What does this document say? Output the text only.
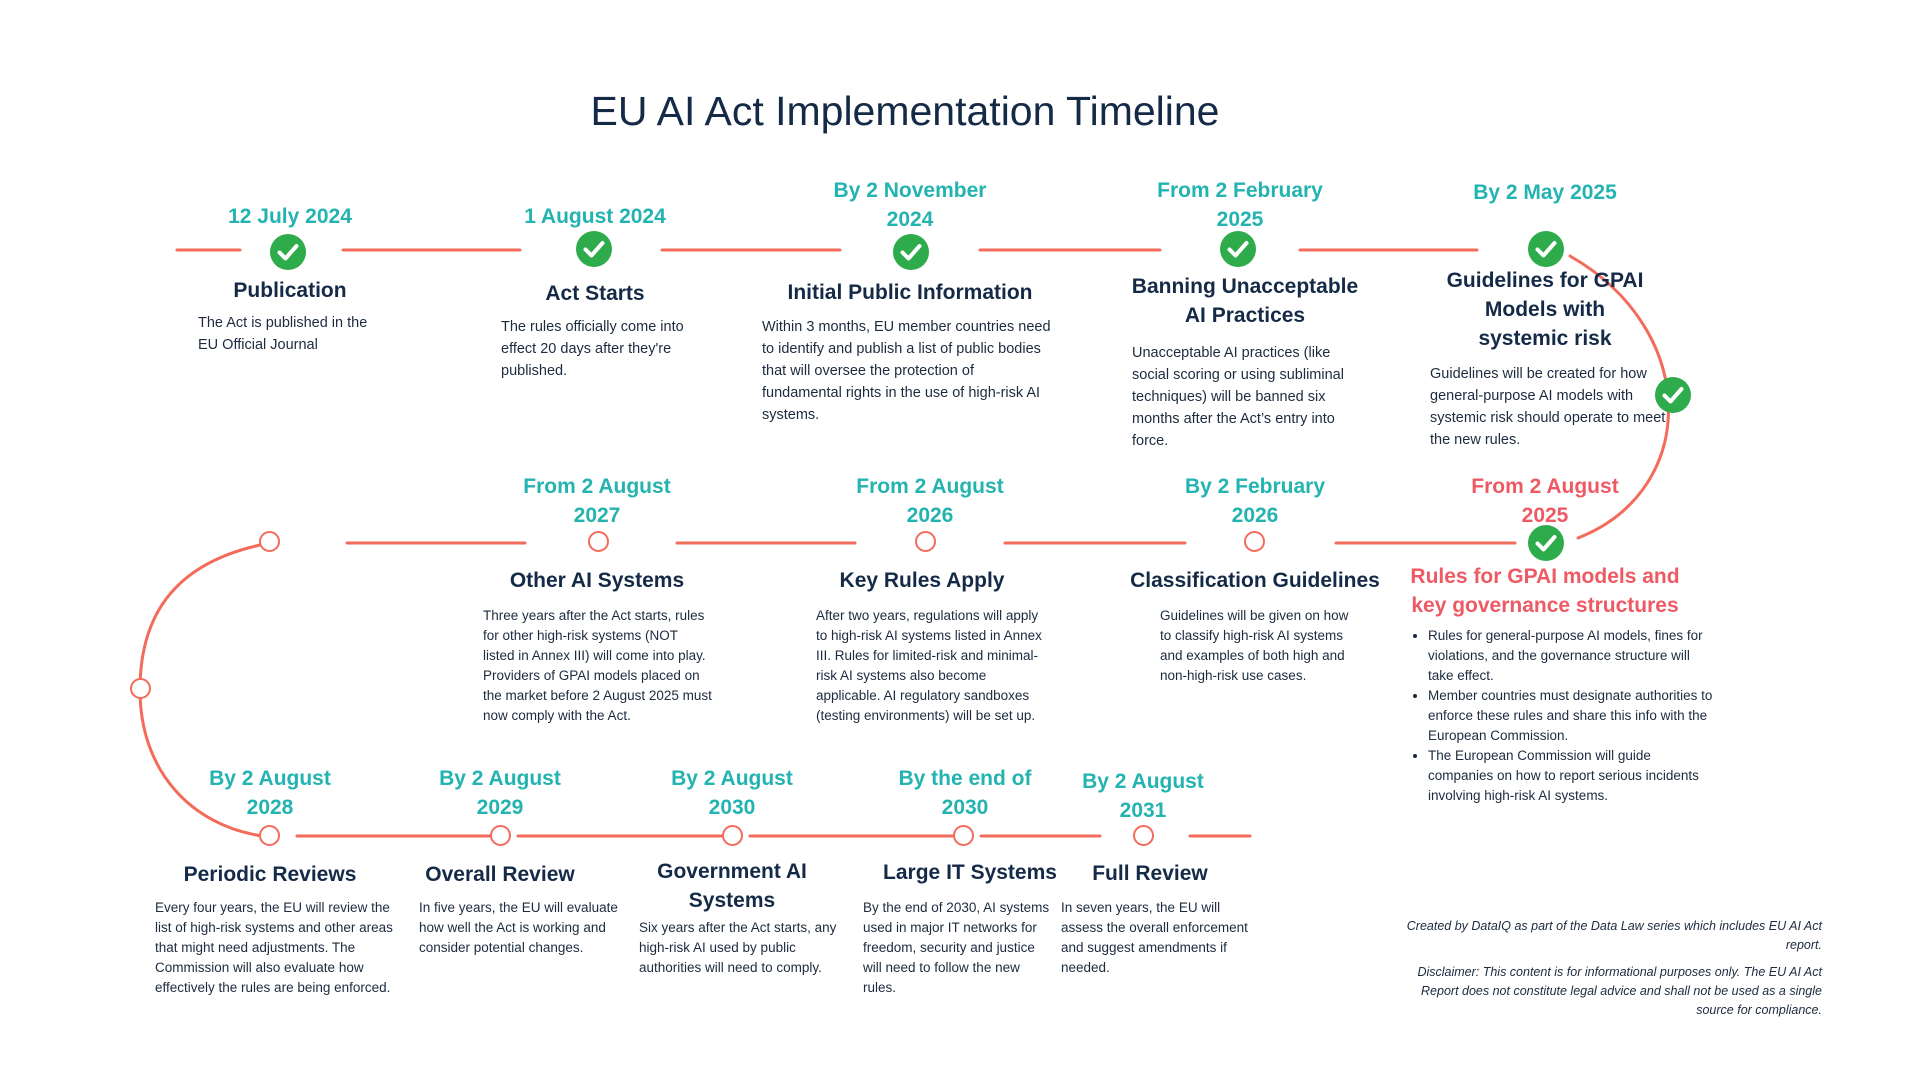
EU AI Act Implementation Timeline
12 July 2024
Publication
The Act is published in the EU Official Journal
1 August 2024
Act Starts
The rules officially come into effect 20 days after they're published.
By 2 November 2024
Initial Public Information
Within 3 months, EU member countries need to identify and publish a list of public bodies that will oversee the protection of fundamental rights in the use of high-risk AI systems.
From 2 February 2025
Banning Unacceptable AI Practices
Unacceptable AI practices (like social scoring or using subliminal techniques) will be banned six months after the Act’s entry into force.
By 2 May 2025
Guidelines for GPAI Models with systemic risk
Guidelines will be created for how general-purpose AI models with systemic risk should operate to meet the new rules.
From 2 August 2025
Rules for GPAI models and key governance structures
• Rules for general-purpose AI models, fines for violations, and the governance structure will take effect.
• Member countries must designate authorities to enforce these rules and share this info with the European Commission.
• The European Commission will guide companies on how to report serious incidents involving high-risk AI systems.
By 2 February 2026
Classification Guidelines
Guidelines will be given on how to classify high-risk AI systems and examples of both high and non-high-risk use cases.
From 2 August 2026
Key Rules Apply
After two years, regulations will apply to high-risk AI systems listed in Annex III. Rules for limited-risk and minimal-risk AI systems also become applicable. AI regulatory sandboxes (testing environments) will be set up.
From 2 August 2027
Other AI Systems
Three years after the Act starts, rules for other high-risk systems (NOT listed in Annex III) will come into play. Providers of GPAI models placed on the market before 2 August 2025 must now comply with the Act.
By 2 August 2028
Periodic Reviews
Every four years, the EU will review the list of high-risk systems and other areas that might need adjustments. The Commission will also evaluate how effectively the rules are being enforced.
By 2 August 2029
Overall Review
In five years, the EU will evaluate how well the Act is working and consider potential changes.
By 2 August 2030
Government AI Systems
Six years after the Act starts, any high-risk AI used by public authorities will need to comply.
By the end of 2030
Large IT Systems
By the end of 2030, AI systems used in major IT networks for freedom, security and justice will need to follow the new rules.
By 2 August 2031
Full Review
In seven years, the EU will assess the overall enforcement and suggest amendments if needed.
Created by DataIQ as part of the Data Law series which includes EU AI Act report.
Disclaimer: This content is for informational purposes only. The EU AI Act Report does not constitute legal advice and shall not be used as a single source for compliance.
